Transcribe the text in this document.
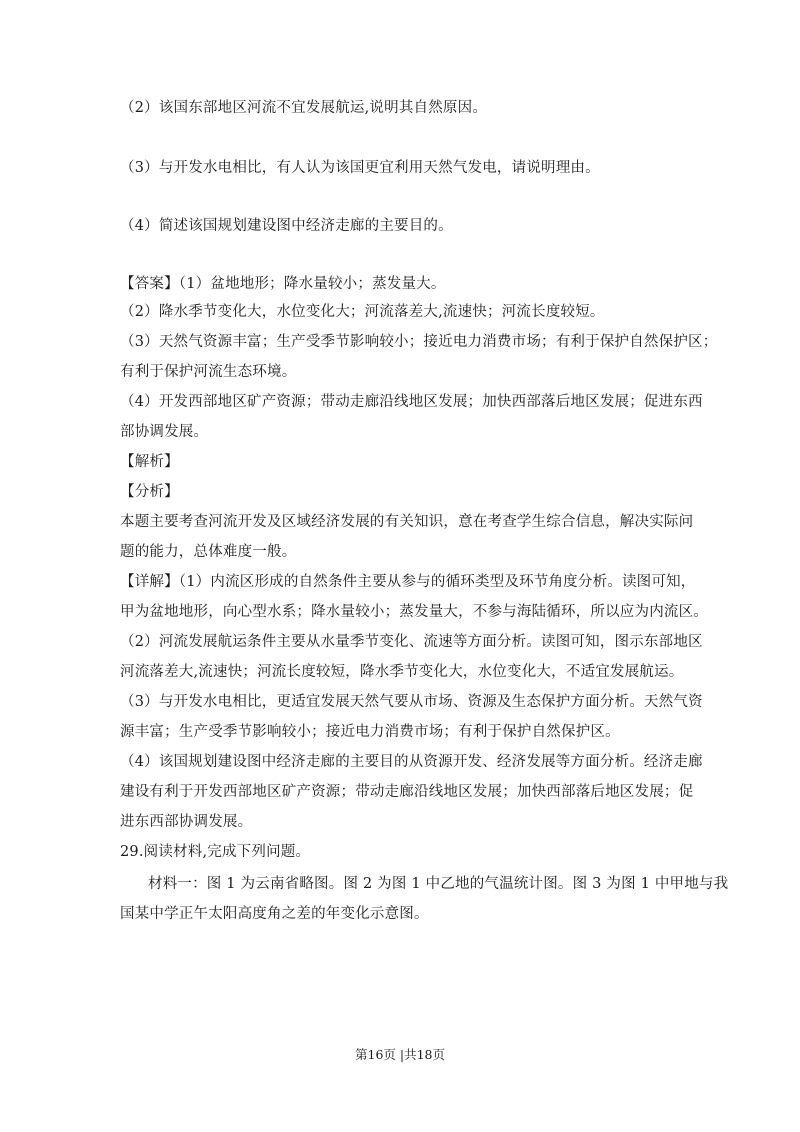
（2）该国东部地区河流不宜发展航运,说明其自然原因。
（3）与开发水电相比，有人认为该国更宜利用天然气发电，请说明理由。
（4）简述该国规划建设图中经济走廊的主要目的。
【答案】（1）盆地地形；降水量较小；蒸发量大。
（2）降水季节变化大，水位变化大；河流落差大,流速快；河流长度较短。
（3）天然气资源丰富；生产受季节影响较小；接近电力消费市场；有利于保护自然保护区；
有利于保护河流生态环境。
（4）开发西部地区矿产资源；带动走廊沿线地区发展；加快西部落后地区发展；促进东西
部协调发展。
【解析】
【分析】
本题主要考查河流开发及区域经济发展的有关知识，意在考查学生综合信息，解决实际问
题的能力，总体难度一般。
【详解】（1）内流区形成的自然条件主要从参与的循环类型及环节角度分析。读图可知，
甲为盆地地形，向心型水系；降水量较小；蒸发量大，不参与海陆循环，所以应为内流区。
（2）河流发展航运条件主要从水量季节变化、流速等方面分析。读图可知，图示东部地区
河流落差大,流速快；河流长度较短，降水季节变化大，水位变化大，不适宜发展航运。
（3）与开发水电相比，更适宜发展天然气要从市场、资源及生态保护方面分析。天然气资
源丰富；生产受季节影响较小；接近电力消费市场；有利于保护自然保护区。
（4）该国规划建设图中经济走廊的主要目的从资源开发、经济发展等方面分析。经济走廊
建设有利于开发西部地区矿产资源；带动走廊沿线地区发展；加快西部落后地区发展；促
进东西部协调发展。
29.阅读材料,完成下列问题。
材料一：图 1 为云南省略图。图 2 为图 1 中乙地的气温统计图。图 3 为图 1 中甲地与我
国某中学正午太阳高度角之差的年变化示意图。
第16页 |共18页
